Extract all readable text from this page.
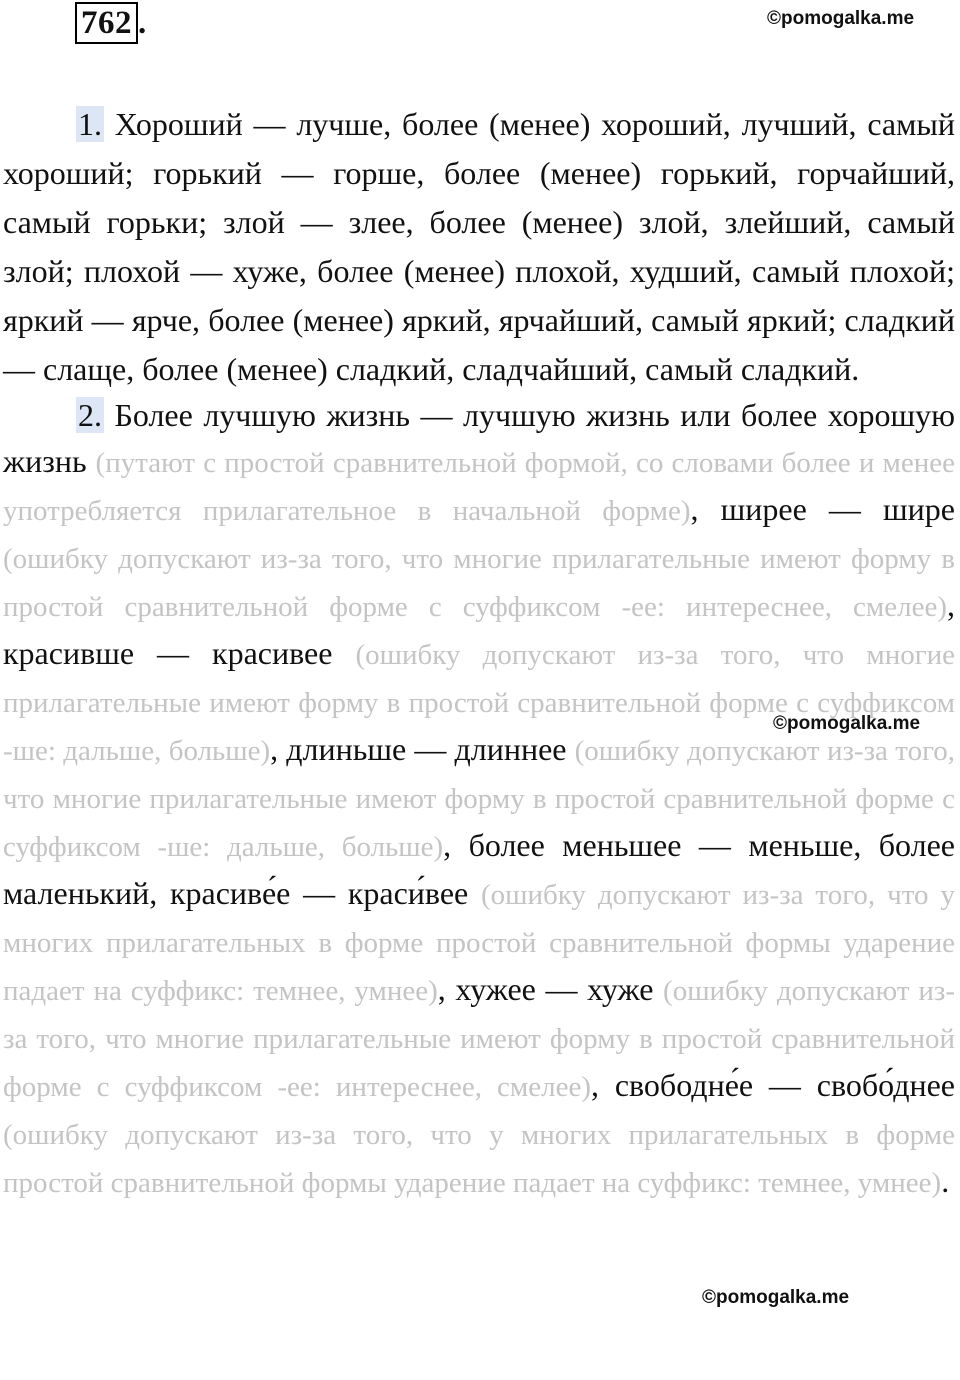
762 .	©pomogalka.me

1. Хороший — лучше, более (менее) хороший, лучший, самый хороший; горький — горше, более (менее) горький, горчайший, самый горьки; злой — злее, более (менее) злой, злейший, самый злой; плохой — хуже, более (менее) плохой, худший, самый плохой; яркий — ярче, более (менее) яркий, ярчайший, самый яркий; сладкий — слаще, более (менее) сладкий, сладчайший, самый сладкий.

2. Более лучшую жизнь — лучшую жизнь или более хорошую жизнь (путают с простой сравнительной формой, со словами более и менее употребляется прилагательное в начальной форме), ширее — шире (ошибку допускают из-за того, что многие прилагательные имеют форму в простой сравнительной форме с суффиксом -ее: интереснее, смелее), красивше — красивее (ошибку допускают из-за того, что многие прилагательные имеют форму в простой сравнительной форме с суффиксом -ше: дальше, больше), длиньше — длиннее (ошибку допускают из-за того, что многие прилагательные имеют форму в простой сравнительной форме с суффиксом -ше: дальше, больше), более меньшее — меньше, более маленький, красиве́е — краси́вее (ошибку допускают из-за того, что у многих прилагательных в форме простой сравнительной формы ударение падает на суффикс: темнее, умнее), хужее — хуже (ошибку допускают из-за того, что многие прилагательные имеют форму в простой сравнительной форме с суффиксом -ее: интереснее, смелее), свободне́е — свобо́днее (ошибку допускают из-за того, что у многих прилагательных в форме простой сравнительной формы ударение падает на суффикс: темнее, умнее).

©pomogalka.me
©pomogalka.me
